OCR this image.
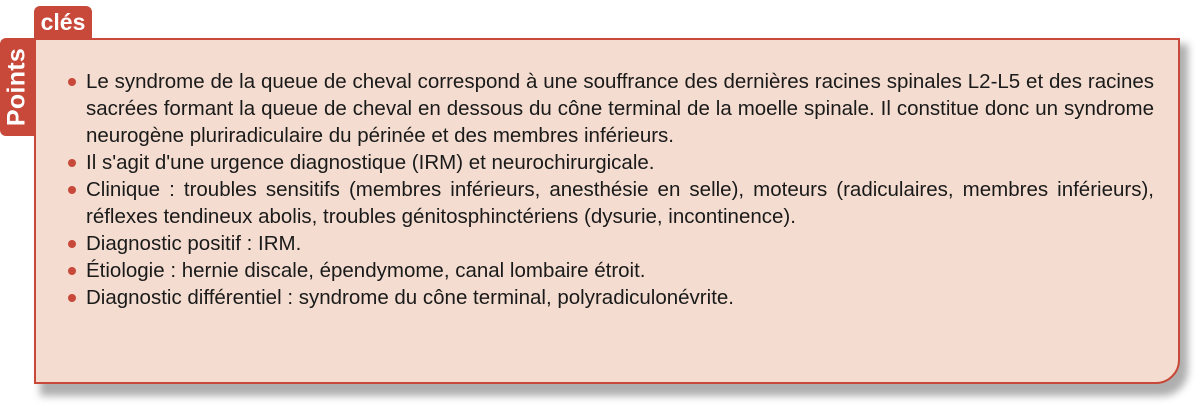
Points
clés
Le syndrome de la queue de cheval correspond à une souffrance des dernières racines spinales L2-L5 et des racines sacrées formant la queue de cheval en dessous du cône terminal de la moelle spinale. Il constitue donc un syndrome neurogène pluriradiculaire du périnée et des membres inférieurs.
Il s'agit d'une urgence diagnostique (IRM) et neurochirurgicale.
Clinique : troubles sensitifs (membres inférieurs, anesthésie en selle), moteurs (radiculaires, membres inférieurs), réflexes tendineux abolis, troubles génitosphinctériens (dysurie, incontinence).
Diagnostic positif : IRM.
Étiologie : hernie discale, épendymome, canal lombaire étroit.
Diagnostic différentiel : syndrome du cône terminal, polyradiculonévrite.
